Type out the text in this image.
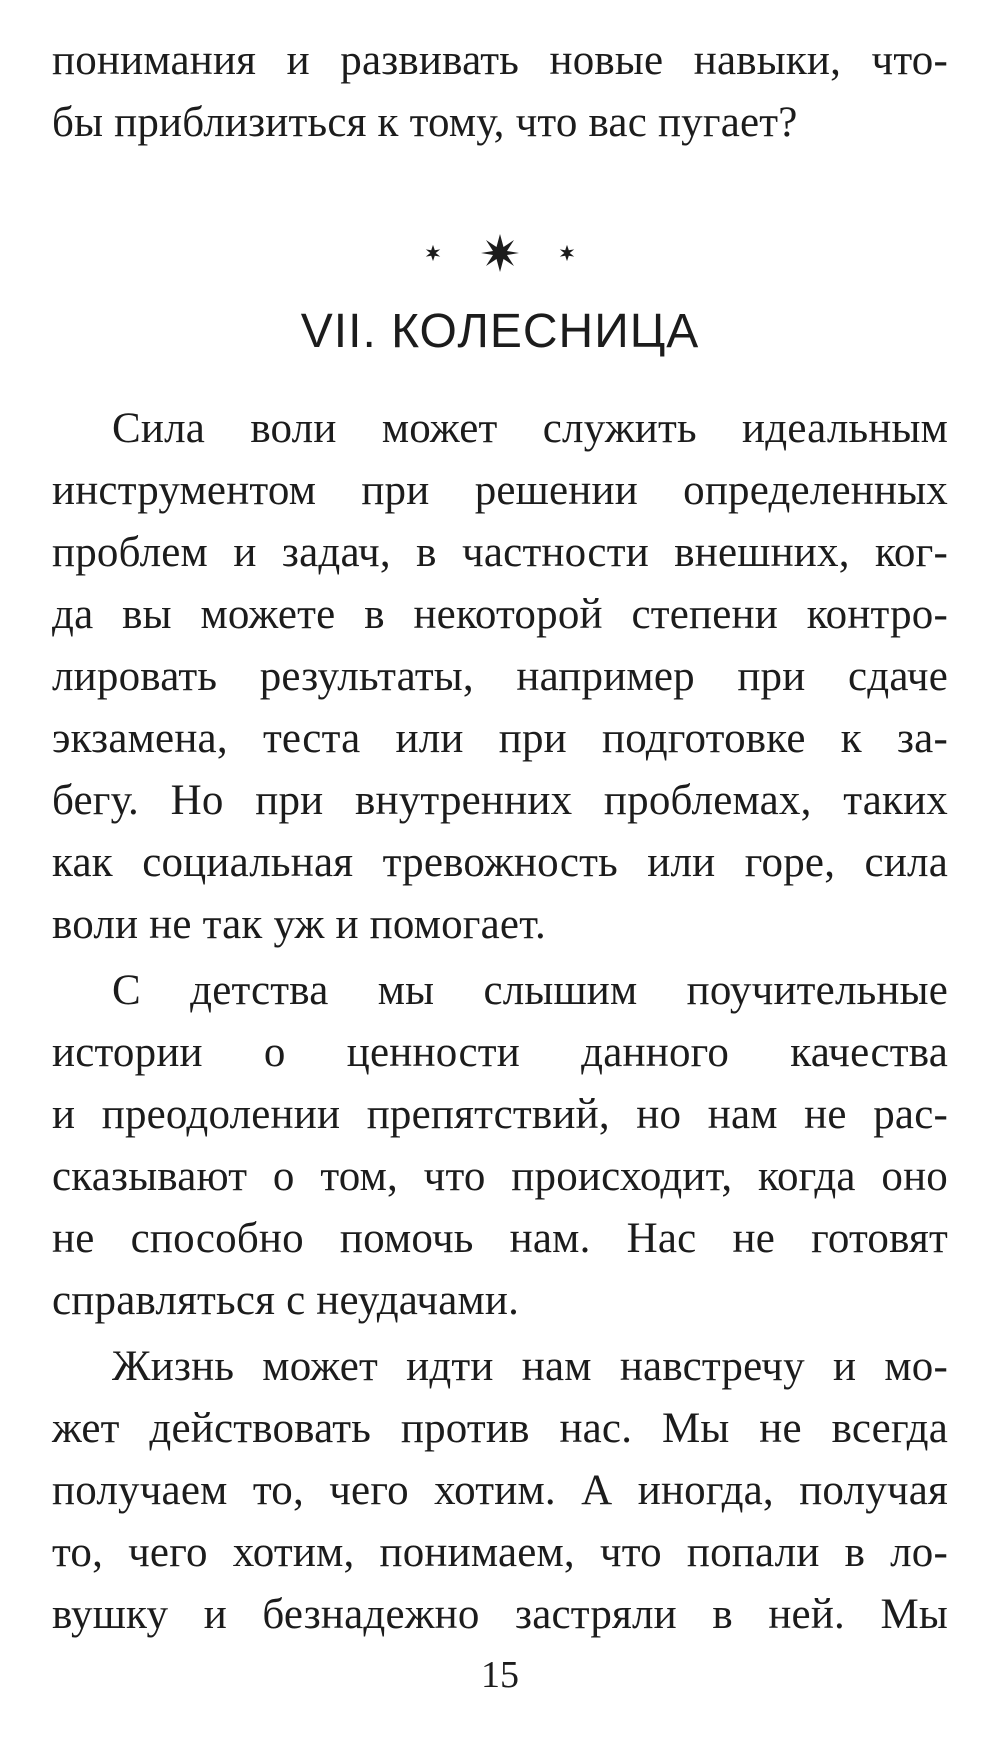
понимания и развивать новые навыки, что-
бы приблизиться к тому, что вас пугает?
VII. КОЛЕСНИЦА
Сила воли может служить идеальным
инструментом при решении определенных
проблем и задач, в частности внешних, ког-
да вы можете в некоторой степени контро-
лировать результаты, например при сдаче
экзамена, теста или при подготовке к за-
бегу. Но при внутренних проблемах, таких
как социальная тревожность или горе, сила
воли не так уж и помогает.
С детства мы слышим поучительные
истории о ценности данного качества
и преодолении препятствий, но нам не рас-
сказывают о том, что происходит, когда оно
не способно помочь нам. Нас не готовят
справляться с неудачами.
Жизнь может идти нам навстречу и мо-
жет действовать против нас. Мы не всегда
получаем то, чего хотим. А иногда, получая
то, чего хотим, понимаем, что попали в ло-
вушку и безнадежно застряли в ней. Мы
15
